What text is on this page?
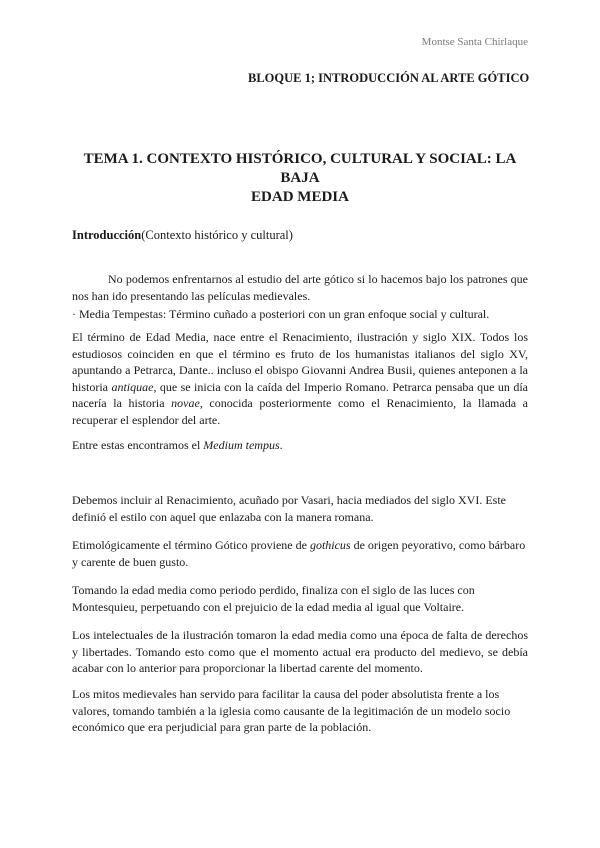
Montse Santa Chirlaque
BLOQUE 1; INTRODUCCIÓN AL ARTE GÓTICO
TEMA 1. CONTEXTO HISTÓRICO, CULTURAL Y SOCIAL: LA BAJA
EDAD MEDIA
Introducción(Contexto histórico y cultural)

No podemos enfrentarnos al estudio del arte gótico si lo hacemos bajo los patrones que nos han ido presentando las películas medievales.

· Media Tempestas: Término cuñado a posteriori con un gran enfoque social y cultural.

El término de Edad Media, nace entre el Renacimiento, ilustración y siglo XIX. Todos los estudiosos coinciden en que el término es fruto de los humanistas italianos del siglo XV, apuntando a Petrarca, Dante.. incluso el obispo Giovanni Andrea Busii, quienes anteponen a la historia antiquae, que se inicia con la caída del Imperio Romano. Petrarca pensaba que un día nacería la historia novae, conocida posteriormente como el Renacimiento, la llamada a recuperar el esplendor del arte.

Entre estas encontramos el Medium tempus.

Debemos incluir al Renacimiento, acuñado por Vasari, hacia mediados del siglo XVI. Este definió el estilo con aquel que enlazaba con la manera romana.

Etimológicamente el término Gótico proviene de gothicus de origen peyorativo, como bárbaro y carente de buen gusto.

Tomando la edad media como periodo perdido, finaliza con el siglo de las luces con Montesquieu, perpetuando con el prejuicio de la edad media al igual que Voltaire.

Los intelectuales de la ilustración tomaron la edad media como una época de falta de derechos y libertades. Tomando esto como que el momento actual era producto del medievo, se debía acabar con lo anterior para proporcionar la libertad carente del momento.

Los mitos medievales han servido para facilitar la causa del poder absolutista frente a los valores, tomando también a la iglesia como causante de la legitimación de un modelo socio económico que era perjudicial para gran parte de la población.
